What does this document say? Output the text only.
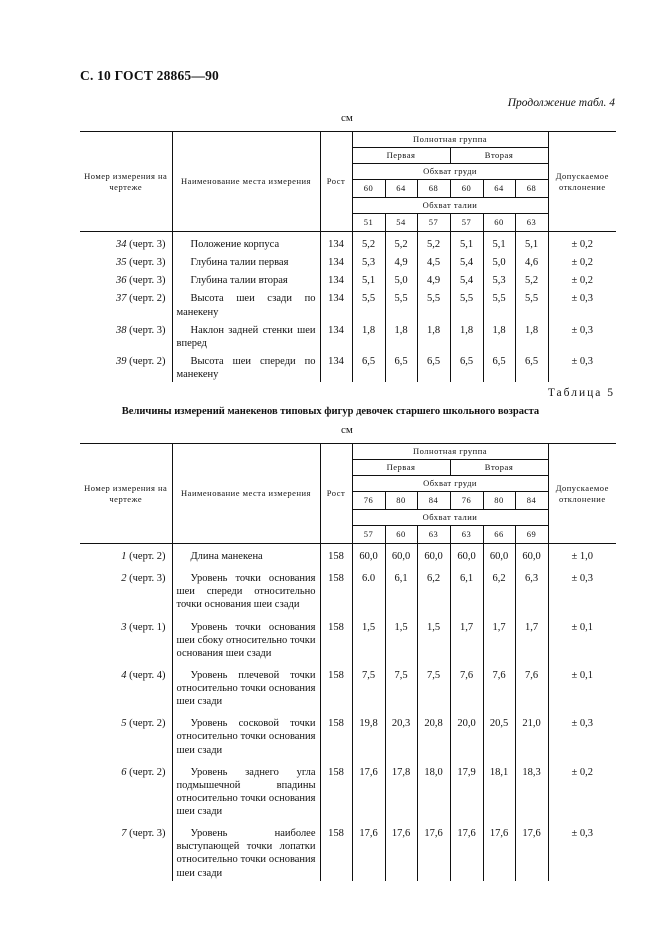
С. 10 ГОСТ 28865—90
Продолжение табл. 4
см
Номер измерения на чертеже	Наименование места измерения	Рост	Полнотная группа						Допускаемое отклонение
			Первая			Вторая			
			Обхват груди						
			60	64	68	60	64	68	
			Обхват талии						
			51	54	57	57	60	63	
34 (черт. 3)	Положение корпуса	134	5,2	5,2	5,2	5,1	5,1	5,1	± 0,2
35 (черт. 3)	Глубина талии первая	134	5,3	4,9	4,5	5,4	5,0	4,6	± 0,2
36 (черт. 3)	Глубина талии вторая	134	5,1	5,0	4,9	5,4	5,3	5,2	± 0,2
37 (черт. 2)	Высота шеи сзади по манекену	134	5,5	5,5	5,5	5,5	5,5	5,5	± 0,3
38 (черт. 3)	Наклон задней стенки шеи вперед	134	1,8	1,8	1,8	1,8	1,8	1,8	± 0,3
39 (черт. 2)	Высота шеи спереди по манекену	134	6,5	6,5	6,5	6,5	6,5	6,5	± 0,3
Таблица 5
Величины измерений манекенов типовых фигур девочек старшего школьного возраста
см
Номер измерения на чертеже	Наименование места измерения	Рост	Полнотная группа						Допускаемое отклонение
			Первая			Вторая			
			Обхват груди						
			76	80	84	76	80	84	
			Обхват талии						
			57	60	63	63	66	69	
1 (черт. 2)	Длина манекена	158	60,0	60,0	60,0	60,0	60,0	60,0	± 1,0
2 (черт. 3)	Уровень точки основания шеи спереди относительно точки основания шеи сзади	158	6.0	6,1	6,2	6,1	6,2	6,3	± 0,3
3 (черт. 1)	Уровень точки основания шеи сбоку относительно точки основания шеи сзади	158	1,5	1,5	1,5	1,7	1,7	1,7	± 0,1
4 (черт. 4)	Уровень плечевой точки относительно точки основания шеи сзади	158	7,5	7,5	7,5	7,6	7,6	7,6	± 0,1
5 (черт. 2)	Уровень сосковой точки относительно точки основания шеи сзади	158	19,8	20,3	20,8	20,0	20,5	21,0	± 0,3
6 (черт. 2)	Уровень заднего угла подмышечной впадины относительно точки основания шеи сзади	158	17,6	17,8	18,0	17,9	18,1	18,3	± 0,2
7 (черт. 3)	Уровень наиболее выступающей точки лопатки относительно точки основания шеи сзади	158	17,6	17,6	17,6	17,6	17,6	17,6	± 0,3
